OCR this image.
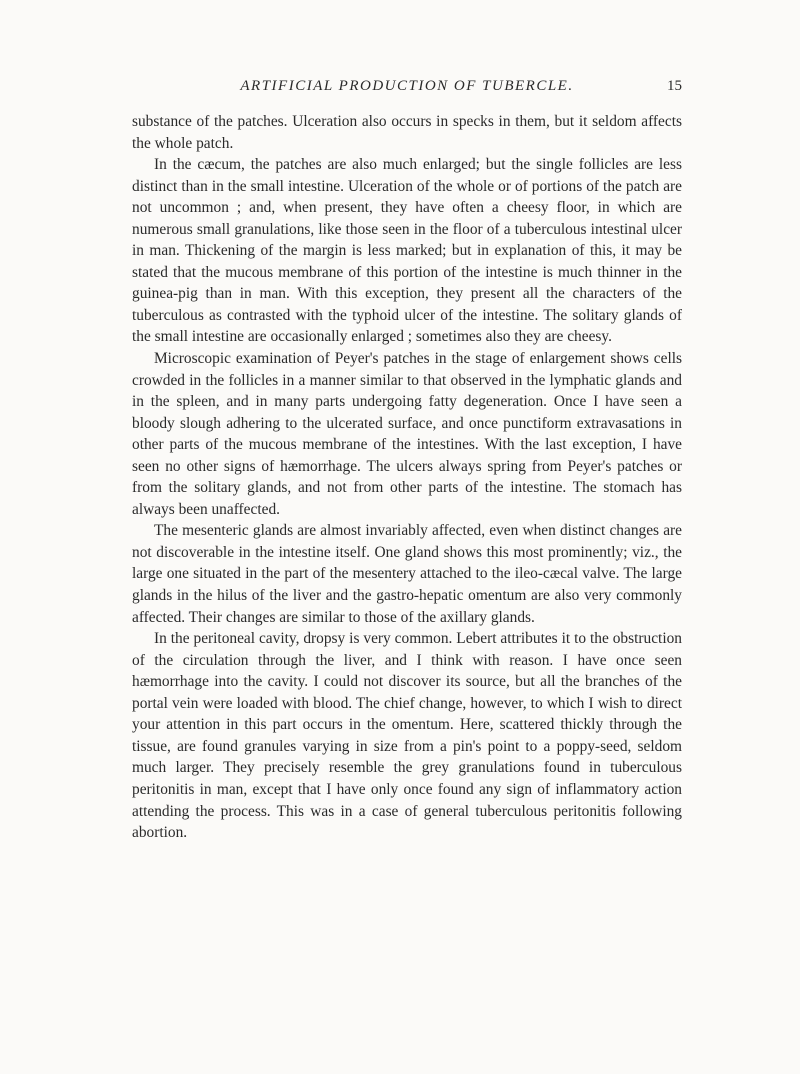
ARTIFICIAL PRODUCTION OF TUBERCLE.	15

substance of the patches. Ulceration also occurs in specks in them, but it seldom affects the whole patch.

In the cæcum, the patches are also much enlarged; but the single follicles are less distinct than in the small intestine. Ulceration of the whole or of portions of the patch are not uncommon ; and, when present, they have often a cheesy floor, in which are numerous small granulations, like those seen in the floor of a tuberculous intestinal ulcer in man. Thickening of the margin is less marked; but in explanation of this, it may be stated that the mucous membrane of this portion of the intestine is much thinner in the guinea-pig than in man. With this exception, they present all the characters of the tuberculous as contrasted with the typhoid ulcer of the intestine. The solitary glands of the small intestine are occasionally enlarged ; sometimes also they are cheesy.

Microscopic examination of Peyer's patches in the stage of enlargement shows cells crowded in the follicles in a manner similar to that observed in the lymphatic glands and in the spleen, and in many parts undergoing fatty degeneration. Once I have seen a bloody slough adhering to the ulcerated surface, and once punctiform extravasations in other parts of the mucous membrane of the intestines. With the last exception, I have seen no other signs of hæmorrhage. The ulcers always spring from Peyer's patches or from the solitary glands, and not from other parts of the intestine. The stomach has always been unaffected.

The mesenteric glands are almost invariably affected, even when distinct changes are not discoverable in the intestine itself. One gland shows this most prominently; viz., the large one situated in the part of the mesentery attached to the ileo-cæcal valve. The large glands in the hilus of the liver and the gastro-hepatic omentum are also very commonly affected. Their changes are similar to those of the axillary glands.

In the peritoneal cavity, dropsy is very common. Lebert attributes it to the obstruction of the circulation through the liver, and I think with reason. I have once seen hæmorrhage into the cavity. I could not discover its source, but all the branches of the portal vein were loaded with blood. The chief change, however, to which I wish to direct your attention in this part occurs in the omentum. Here, scattered thickly through the tissue, are found granules varying in size from a pin's point to a poppy-seed, seldom much larger. They precisely resemble the grey granulations found in tuberculous peritonitis in man, except that I have only once found any sign of inflammatory action attending the process. This was in a case of general tuberculous peritonitis following abortion.
